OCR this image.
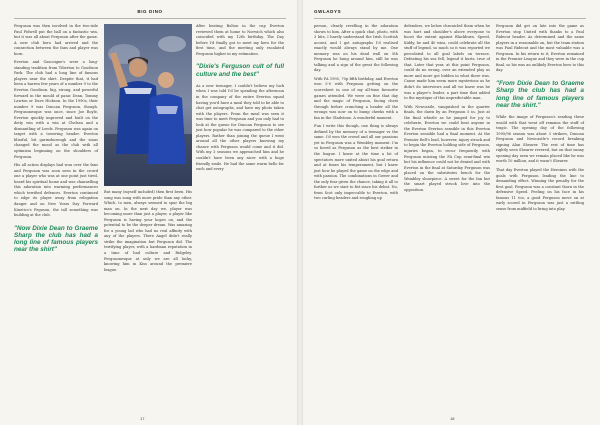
BIG DINO

Ferguson was then involved in the two-side Paul Fidwell put the ball on a fantastic win, but it was all about Ferguson after the game. A new club hero had arrived and the connection between the fans and player was born.

Everton and Gascoigne's were a long-standing tradition from Tiberton to Goodison Park. The club had a long line of famous players near the shirt. Despite that, it had been a barren few years of a number 9 to the Everton Goodison. big, strong, and powerful forward in the mould of panic Dean, Tommy Lawton or Dave Hickson. In the 1990s, their number 9 was Duncan Ferguson, though. Fergusonesque was once, since Joe Royle, Everton quickly improved and built on the deity win with a win at Chelsea and a dismantling of Leeds. Ferguson was again on target with a towering header. Everton blissful, bit garinsborough and the sinus changed the mood as the club with all optimism beginning on the shoulders of Ferguson.

His all action displays had won over the fans and Ferguson was soon seen in the crowd one a player who was at one point just tired, heard his spiritual home and was channelling this adoration into warming performances which terrified defences. Everton continued to edge its player away from relegation danger and on New Years Day Forward Kinetics's Feguson, the tall something was building at the club.

"Now Dixie Dean to Graeme Sharp the club has had a long line of famous players near the shirt"

After beating Bolton in the cup Everton reviewed them at home to Norwich which also coincided with my 12th birthday. The Day before I'd finally got to meet my hero for the first time, and the meeting only escalated Ferguson higher in my estimation.

"Dixie's Ferguson cult of full culture and the best"

As a new teenager, I couldn't believe my luck when I was told I'd be spending the afternoon in the company of the entire Everton squad having you'd have a meal they told to be able to chat get autographs, and have my photo taken with the players. From the meal was seen it was time to meet Ferguson and you only had to look at the queue for Duncan Ferguson to see just how popular he was compared to the other players. Rather than joining the queue I went around all the other players knowing my chance with Ferguson would come and it did. With my 3 seasons we approached him and he couldn't have been any nicer with a huge friendly smile. He had the same warm hello for each and every

But many (myself included) then first been. His song was sung with more pride than any other. Which, to men, always seemed to spur the big man on. In the next day we, player was becoming more than just a player, a player like Ferguson is having your hopes on, and the potential to be the deeper dream. Was amazing for a young lad who had no real affinity with any of the players. There Angel didn't really strike the imagination but Ferguson did. The terrifying player, with a hardman reputation in a time of bad culture and Ridgeley. Fergusonesque at only we are all lucky, knowing him in Kiss around the premiere league.

17
GWLADYS

person, clearly revelling in the adoration shown to him. After a quick chat, photo, with 3 hits, I barely understand the Irish Scottish accent, and I got autographs I'd realised exactly would always stand by me. One memory was on his dead wall on 5th Ferguson he hung around him, still he was talking and a sign of the great the following day.

With FA 1995, 70p fifth birthday, and Everton won 5-0 with Ferguson getting on the scoresheet in one of my all-time favourite games attended. We were on fine that day and the magic of Ferguson, facing chest through before crunching a header all the wrongs was now on to bump cheeks with a fan in the Gladstone. A wonderful moment.

Fun I write this though, one thing is always defined by the memory of a teenager vs the same. I'd won the crowd and all our passions yet in Ferguson was a Wembley moment. I'm so bored as Ferguson as the best striker in the league. I knew at the time a lot of spectators more united about his goal return and at times his temperament, but I knew just how he played the game on the edge and with passion. The combinations in Gower and the only fear given the chance, taking it all to further us we start to fist since his debut. No, from Scot only impeccable to Everton, with two curling headers and roughing up

defenders, we below chronicled them when he was hurt and shoulder's above everyone to boost the extent against Blackburn. Speed, Kiddy, he and 40 wins, could celebrate all the stuff of legend, so much so it was reported we percolated to all goal labels on terrace. Defeating his sea fell, legend it hurts, true of that. Later that year, at this point Ferguson, could do no wrong, over an extended play as more and more got hidden in what there was. Cause made him seem more mysterious as he didn't do interviews and all we knew was he was a player's leader, a part time that added to the mystique of this unpredictable man.

With Newcastle, vanquished in the quarter finals, the dawn by an Ferguson 5 in. Just at the final whistle as he jumped for joy to celebrate, Everton we could beat anyone in the Everton Everton sensible in this Everton Everton sensible had a final moment. At the Premier Bell's lead, however, injury struck and to begin the Everton holding side of Ferguson, injuries began, to recur frequently with Ferguson missing the FA Cup semi-final win but his influence could not be denied and with Everton in the final at Saturday Ferguson was placed on the substitutes bench for the Wembley showpiece. A sweet for the fan but the smart played struck love into the opposition.

Ferguson did get on late into the game as Everton stop United with thanks to a Paul Rideout header. As determined and the same players in a reasonable on, but the team station was Paul Rideout and the most valuable was a Ferguson. In his return to it, Everton remained in the Premier League and they were in the cup final, so his was an unlikely Everton hero to this day.

"From Dixie Dean to Graeme Sharp the club has had a long line of famous players near the shirt."

While the image of Ferguson's sending these would with that went off remains the stuff of tragic. The opening day of the following 1995/96 season was about 3 strikers, Duncan Ferguson and Newcastle's record breaking signing Alan Shearer. The rest of time has rightly seen Shearer revered, but on that sunny opening day seen we remain placed like he was worth 10 million, and it wasn't Shearer.

That day Everton played the Heroines with the goals with Ferguson leading the line to demanding effect. Winning the penalty for the first goal, Ferguson was a constant thorn in the defensive Speed. Feeling on his face in his famous 11 too, a good Ferguson move on at early scored in Ferguson was just a rattling sense from midfield to bring into play.

18
